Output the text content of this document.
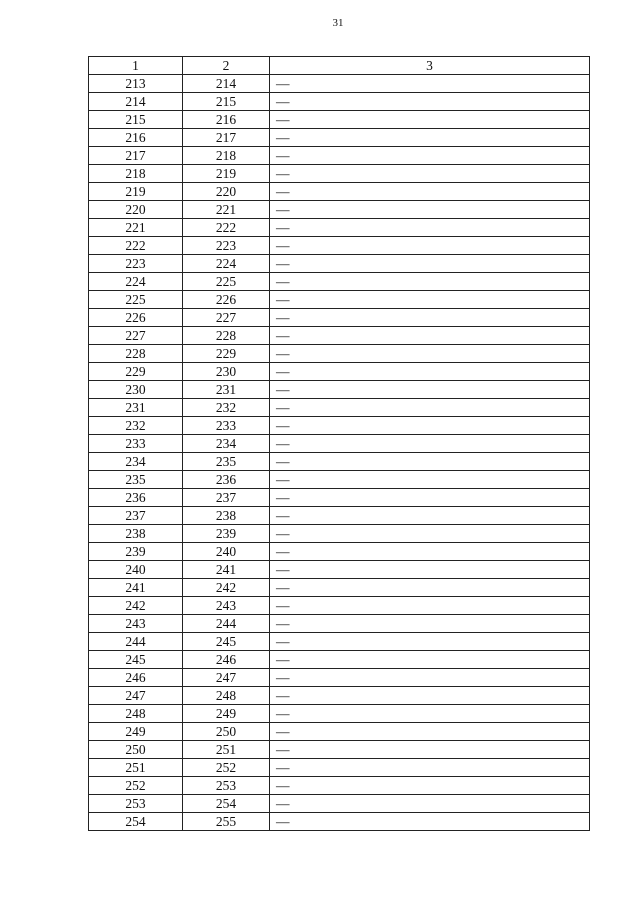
31
1	2	3
213	214	—
214	215	—
215	216	—
216	217	—
217	218	—
218	219	—
219	220	—
220	221	—
221	222	—
222	223	—
223	224	—
224	225	—
225	226	—
226	227	—
227	228	—
228	229	—
229	230	—
230	231	—
231	232	—
232	233	—
233	234	—
234	235	—
235	236	—
236	237	—
237	238	—
238	239	—
239	240	—
240	241	—
241	242	—
242	243	—
243	244	—
244	245	—
245	246	—
246	247	—
247	248	—
248	249	—
249	250	—
250	251	—
251	252	—
252	253	—
253	254	—
254	255	—
